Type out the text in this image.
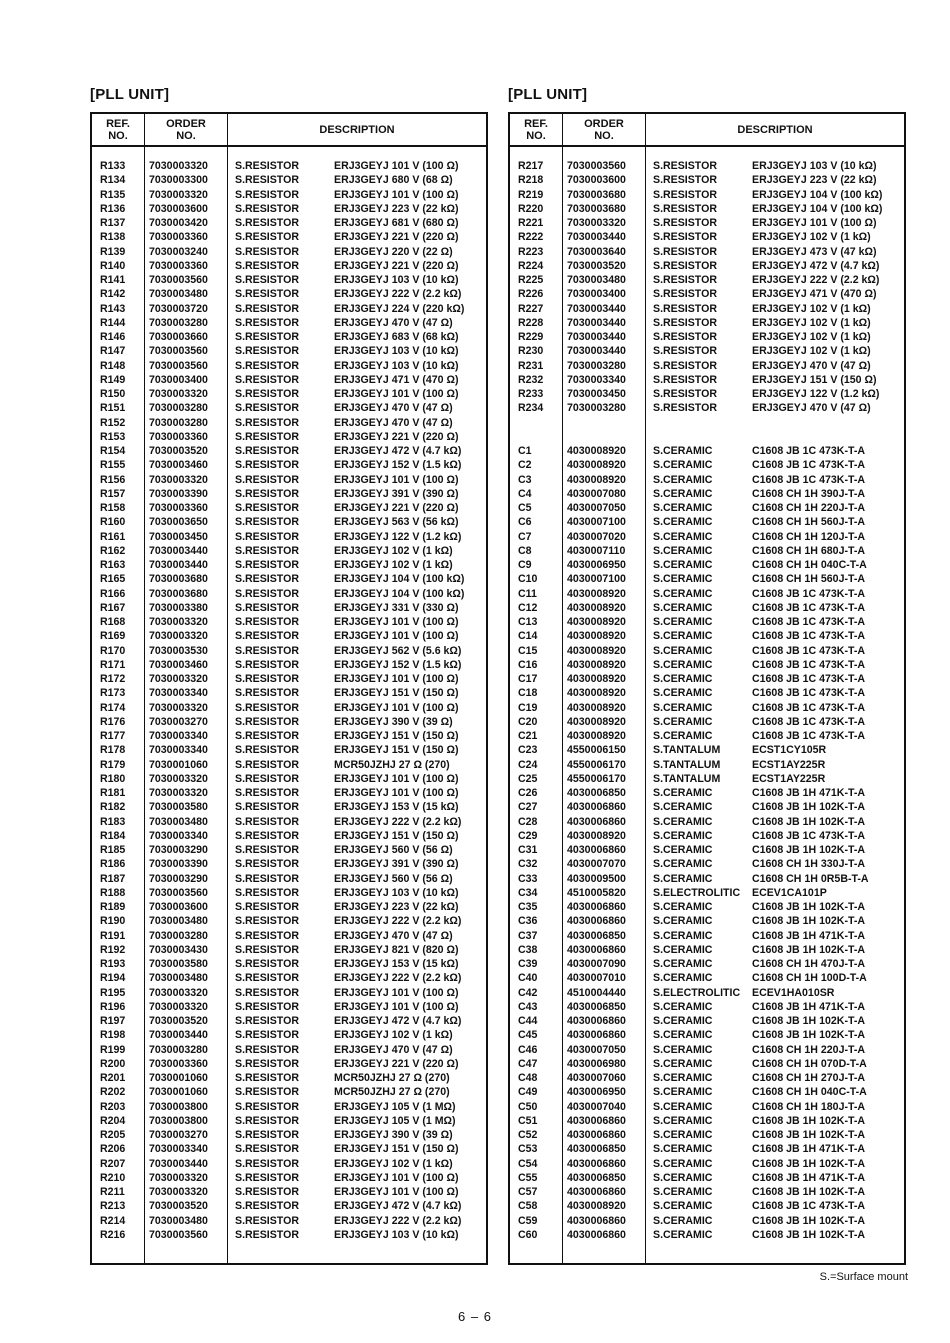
[PLL UNIT]
REF.
NO.
ORDER
NO.	DESCRIPTION
R133 7030003320	S.RESISTOR	ERJ3GEYJ 101 V (100 Ω)
R134 7030003300	S.RESISTOR	ERJ3GEYJ 680 V (68 Ω)
R135 7030003320	S.RESISTOR	ERJ3GEYJ 101 V (100 Ω)
R136 7030003600	S.RESISTOR	ERJ3GEYJ 223 V (22 kΩ)
R137 7030003420	S.RESISTOR	ERJ3GEYJ 681 V (680 Ω)
R138 7030003360	S.RESISTOR	ERJ3GEYJ 221 V (220 Ω)
R139 7030003240	S.RESISTOR	ERJ3GEYJ 220 V (22 Ω)
R140 7030003360	S.RESISTOR	ERJ3GEYJ 221 V (220 Ω)
R141 7030003560	S.RESISTOR	ERJ3GEYJ 103 V (10 kΩ)
R142 7030003480	S.RESISTOR	ERJ3GEYJ 222 V (2.2 kΩ)
R143 7030003720	S.RESISTOR	ERJ3GEYJ 224 V (220 kΩ)
R144 7030003280	S.RESISTOR	ERJ3GEYJ 470 V (47 Ω)
R146 7030003660	S.RESISTOR	ERJ3GEYJ 683 V (68 kΩ)
R147 7030003560	S.RESISTOR	ERJ3GEYJ 103 V (10 kΩ)
R148 7030003560	S.RESISTOR	ERJ3GEYJ 103 V (10 kΩ)
R149 7030003400	S.RESISTOR	ERJ3GEYJ 471 V (470 Ω)
R150 7030003320	S.RESISTOR	ERJ3GEYJ 101 V (100 Ω)
R151 7030003280	S.RESISTOR	ERJ3GEYJ 470 V (47 Ω)
R152 7030003280	S.RESISTOR	ERJ3GEYJ 470 V (47 Ω)
R153 7030003360	S.RESISTOR	ERJ3GEYJ 221 V (220 Ω)
R154 7030003520	S.RESISTOR	ERJ3GEYJ 472 V (4.7 kΩ)
R155 7030003460	S.RESISTOR	ERJ3GEYJ 152 V (1.5 kΩ)
R156 7030003320	S.RESISTOR	ERJ3GEYJ 101 V (100 Ω)
R157 7030003390	S.RESISTOR	ERJ3GEYJ 391 V (390 Ω)
R158 7030003360	S.RESISTOR	ERJ3GEYJ 221 V (220 Ω)
R160 7030003650	S.RESISTOR	ERJ3GEYJ 563 V (56 kΩ)
R161 7030003450	S.RESISTOR	ERJ3GEYJ 122 V (1.2 kΩ)
R162 7030003440	S.RESISTOR	ERJ3GEYJ 102 V (1 kΩ)
R163 7030003440	S.RESISTOR	ERJ3GEYJ 102 V (1 kΩ)
R165 7030003680	S.RESISTOR	ERJ3GEYJ 104 V (100 kΩ)
R166 7030003680	S.RESISTOR	ERJ3GEYJ 104 V (100 kΩ)
R167 7030003380	S.RESISTOR	ERJ3GEYJ 331 V (330 Ω)
R168 7030003320	S.RESISTOR	ERJ3GEYJ 101 V (100 Ω)
R169 7030003320	S.RESISTOR	ERJ3GEYJ 101 V (100 Ω)
R170 7030003530	S.RESISTOR	ERJ3GEYJ 562 V (5.6 kΩ)
R171 7030003460	S.RESISTOR	ERJ3GEYJ 152 V (1.5 kΩ)
R172 7030003320	S.RESISTOR	ERJ3GEYJ 101 V (100 Ω)
R173 7030003340	S.RESISTOR	ERJ3GEYJ 151 V (150 Ω)
R174 7030003320	S.RESISTOR	ERJ3GEYJ 101 V (100 Ω)
R176 7030003270	S.RESISTOR	ERJ3GEYJ 390 V (39 Ω)
R177 7030003340	S.RESISTOR	ERJ3GEYJ 151 V (150 Ω)
R178 7030003340	S.RESISTOR	ERJ3GEYJ 151 V (150 Ω)
R179 7030001060	S.RESISTOR	MCR50JZHJ 27 Ω (270)
R180 7030003320	S.RESISTOR	ERJ3GEYJ 101 V (100 Ω)
R181 7030003320	S.RESISTOR	ERJ3GEYJ 101 V (100 Ω)
R182 7030003580	S.RESISTOR	ERJ3GEYJ 153 V (15 kΩ)
R183 7030003480	S.RESISTOR	ERJ3GEYJ 222 V (2.2 kΩ)
R184 7030003340	S.RESISTOR	ERJ3GEYJ 151 V (150 Ω)
R185 7030003290	S.RESISTOR	ERJ3GEYJ 560 V (56 Ω)
R186 7030003390	S.RESISTOR	ERJ3GEYJ 391 V (390 Ω)
R187 7030003290	S.RESISTOR	ERJ3GEYJ 560 V (56 Ω)
R188 7030003560	S.RESISTOR	ERJ3GEYJ 103 V (10 kΩ)
R189 7030003600	S.RESISTOR	ERJ3GEYJ 223 V (22 kΩ)
R190 7030003480	S.RESISTOR	ERJ3GEYJ 222 V (2.2 kΩ)
R191 7030003280	S.RESISTOR	ERJ3GEYJ 470 V (47 Ω)
R192 7030003430	S.RESISTOR	ERJ3GEYJ 821 V (820 Ω)
R193 7030003580	S.RESISTOR	ERJ3GEYJ 153 V (15 kΩ)
R194 7030003480	S.RESISTOR	ERJ3GEYJ 222 V (2.2 kΩ)
R195 7030003320	S.RESISTOR	ERJ3GEYJ 101 V (100 Ω)
R196 7030003320	S.RESISTOR	ERJ3GEYJ 101 V (100 Ω)
R197 7030003520	S.RESISTOR	ERJ3GEYJ 472 V (4.7 kΩ)
R198 7030003440	S.RESISTOR	ERJ3GEYJ 102 V (1 kΩ)
R199 7030003280	S.RESISTOR	ERJ3GEYJ 470 V (47 Ω)
R200 7030003360	S.RESISTOR	ERJ3GEYJ 221 V (220 Ω)
R201 7030001060	S.RESISTOR	MCR50JZHJ 27 Ω (270)
R202 7030001060	S.RESISTOR	MCR50JZHJ 27 Ω (270)
R203 7030003800	S.RESISTOR	ERJ3GEYJ 105 V (1 MΩ)
R204 7030003800	S.RESISTOR	ERJ3GEYJ 105 V (1 MΩ)
R205 7030003270	S.RESISTOR	ERJ3GEYJ 390 V (39 Ω)
R206 7030003340	S.RESISTOR	ERJ3GEYJ 151 V (150 Ω)
R207 7030003440	S.RESISTOR	ERJ3GEYJ 102 V (1 kΩ)
R210 7030003320	S.RESISTOR	ERJ3GEYJ 101 V (100 Ω)
R211 7030003320	S.RESISTOR	ERJ3GEYJ 101 V (100 Ω)
R213 7030003520	S.RESISTOR	ERJ3GEYJ 472 V (4.7 kΩ)
R214 7030003480	S.RESISTOR	ERJ3GEYJ 222 V (2.2 kΩ)
R216 7030003560	S.RESISTOR	ERJ3GEYJ 103 V (10 kΩ)
[PLL UNIT]
REF.
NO.
ORDER
NO.	DESCRIPTION
R217 7030003560	S.RESISTOR	ERJ3GEYJ 103 V (10 kΩ)
R218 7030003600	S.RESISTOR	ERJ3GEYJ 223 V (22 kΩ)
R219 7030003680	S.RESISTOR	ERJ3GEYJ 104 V (100 kΩ)
R220 7030003680	S.RESISTOR	ERJ3GEYJ 104 V (100 kΩ)
R221 7030003320	S.RESISTOR	ERJ3GEYJ 101 V (100 Ω)
R222 7030003440	S.RESISTOR	ERJ3GEYJ 102 V (1 kΩ)
R223 7030003640	S.RESISTOR	ERJ3GEYJ 473 V (47 kΩ)
R224 7030003520	S.RESISTOR	ERJ3GEYJ 472 V (4.7 kΩ)
R225 7030003480	S.RESISTOR	ERJ3GEYJ 222 V (2.2 kΩ)
R226 7030003400	S.RESISTOR	ERJ3GEYJ 471 V (470 Ω)
R227 7030003440	S.RESISTOR	ERJ3GEYJ 102 V (1 kΩ)
R228 7030003440	S.RESISTOR	ERJ3GEYJ 102 V (1 kΩ)
R229 7030003440	S.RESISTOR	ERJ3GEYJ 102 V (1 kΩ)
R230 7030003440	S.RESISTOR	ERJ3GEYJ 102 V (1 kΩ)
R231 7030003280	S.RESISTOR	ERJ3GEYJ 470 V (47 Ω)
R232 7030003340	S.RESISTOR	ERJ3GEYJ 151 V (150 Ω)
R233 7030003450	S.RESISTOR	ERJ3GEYJ 122 V (1.2 kΩ)
R234 7030003280	S.RESISTOR	ERJ3GEYJ 470 V (47 Ω)
C1	4030008920	S.CERAMIC	C1608 JB 1C 473K-T-A
C2	4030008920	S.CERAMIC	C1608 JB 1C 473K-T-A
C3	4030008920	S.CERAMIC	C1608 JB 1C 473K-T-A
C4	4030007080	S.CERAMIC	C1608 CH 1H 390J-T-A
C5	4030007050	S.CERAMIC	C1608 CH 1H 220J-T-A
C6	4030007100	S.CERAMIC	C1608 CH 1H 560J-T-A
C7	4030007020	S.CERAMIC	C1608 CH 1H 120J-T-A
C8	4030007110	S.CERAMIC	C1608 CH 1H 680J-T-A
C9	4030006950	S.CERAMIC	C1608 CH 1H 040C-T-A
C10	4030007100	S.CERAMIC	C1608 CH 1H 560J-T-A
C11	4030008920	S.CERAMIC	C1608 JB 1C 473K-T-A
C12	4030008920	S.CERAMIC	C1608 JB 1C 473K-T-A
C13	4030008920	S.CERAMIC	C1608 JB 1C 473K-T-A
C14	4030008920	S.CERAMIC	C1608 JB 1C 473K-T-A
C15	4030008920	S.CERAMIC	C1608 JB 1C 473K-T-A
C16	4030008920	S.CERAMIC	C1608 JB 1C 473K-T-A
C17	4030008920	S.CERAMIC	C1608 JB 1C 473K-T-A
C18	4030008920	S.CERAMIC	C1608 JB 1C 473K-T-A
C19	4030008920	S.CERAMIC	C1608 JB 1C 473K-T-A
C20	4030008920	S.CERAMIC	C1608 JB 1C 473K-T-A
C21	4030008920	S.CERAMIC	C1608 JB 1C 473K-T-A
C23	4550006150	S.TANTALUM	ECST1CY105R
C24	4550006170	S.TANTALUM	ECST1AY225R
C25	4550006170	S.TANTALUM	ECST1AY225R
C26	4030006850	S.CERAMIC	C1608 JB 1H 471K-T-A
C27	4030006860	S.CERAMIC	C1608 JB 1H 102K-T-A
C28	4030006860	S.CERAMIC	C1608 JB 1H 102K-T-A
C29	4030008920	S.CERAMIC	C1608 JB 1C 473K-T-A
C31	4030006860	S.CERAMIC	C1608 JB 1H 102K-T-A
C32	4030007070	S.CERAMIC	C1608 CH 1H 330J-T-A
C33	4030009500	S.CERAMIC	C1608 CH 1H 0R5B-T-A
C34	4510005820	S.ELECTROLITIC ECEV1CA101P
C35	4030006860	S.CERAMIC	C1608 JB 1H 102K-T-A
C36	4030006860	S.CERAMIC	C1608 JB 1H 102K-T-A
C37	4030006850	S.CERAMIC	C1608 JB 1H 471K-T-A
C38	4030006860	S.CERAMIC	C1608 JB 1H 102K-T-A
C39	4030007090	S.CERAMIC	C1608 CH 1H 470J-T-A
C40	4030007010	S.CERAMIC	C1608 CH 1H 100D-T-A
C42	4510004440	S.ELECTROLITIC ECEV1HA010SR
C43	4030006850	S.CERAMIC	C1608 JB 1H 471K-T-A
C44	4030006860	S.CERAMIC	C1608 JB 1H 102K-T-A
C45	4030006860	S.CERAMIC	C1608 JB 1H 102K-T-A
C46	4030007050	S.CERAMIC	C1608 CH 1H 220J-T-A
C47	4030006980	S.CERAMIC	C1608 CH 1H 070D-T-A
C48	4030007060	S.CERAMIC	C1608 CH 1H 270J-T-A
C49	4030006950	S.CERAMIC	C1608 CH 1H 040C-T-A
C50	4030007040	S.CERAMIC	C1608 CH 1H 180J-T-A
C51	4030006860	S.CERAMIC	C1608 JB 1H 102K-T-A
C52	4030006860	S.CERAMIC	C1608 JB 1H 102K-T-A
C53	4030006850	S.CERAMIC	C1608 JB 1H 471K-T-A
C54	4030006860	S.CERAMIC	C1608 JB 1H 102K-T-A
C55	4030006850	S.CERAMIC	C1608 JB 1H 471K-T-A
C57	4030006860	S.CERAMIC	C1608 JB 1H 102K-T-A
C58	4030008920	S.CERAMIC	C1608 JB 1C 473K-T-A
C59	4030006860	S.CERAMIC	C1608 JB 1H 102K-T-A
C60	4030006860	S.CERAMIC	C1608 JB 1H 102K-T-A
S.=Surface mount
6 – 6
